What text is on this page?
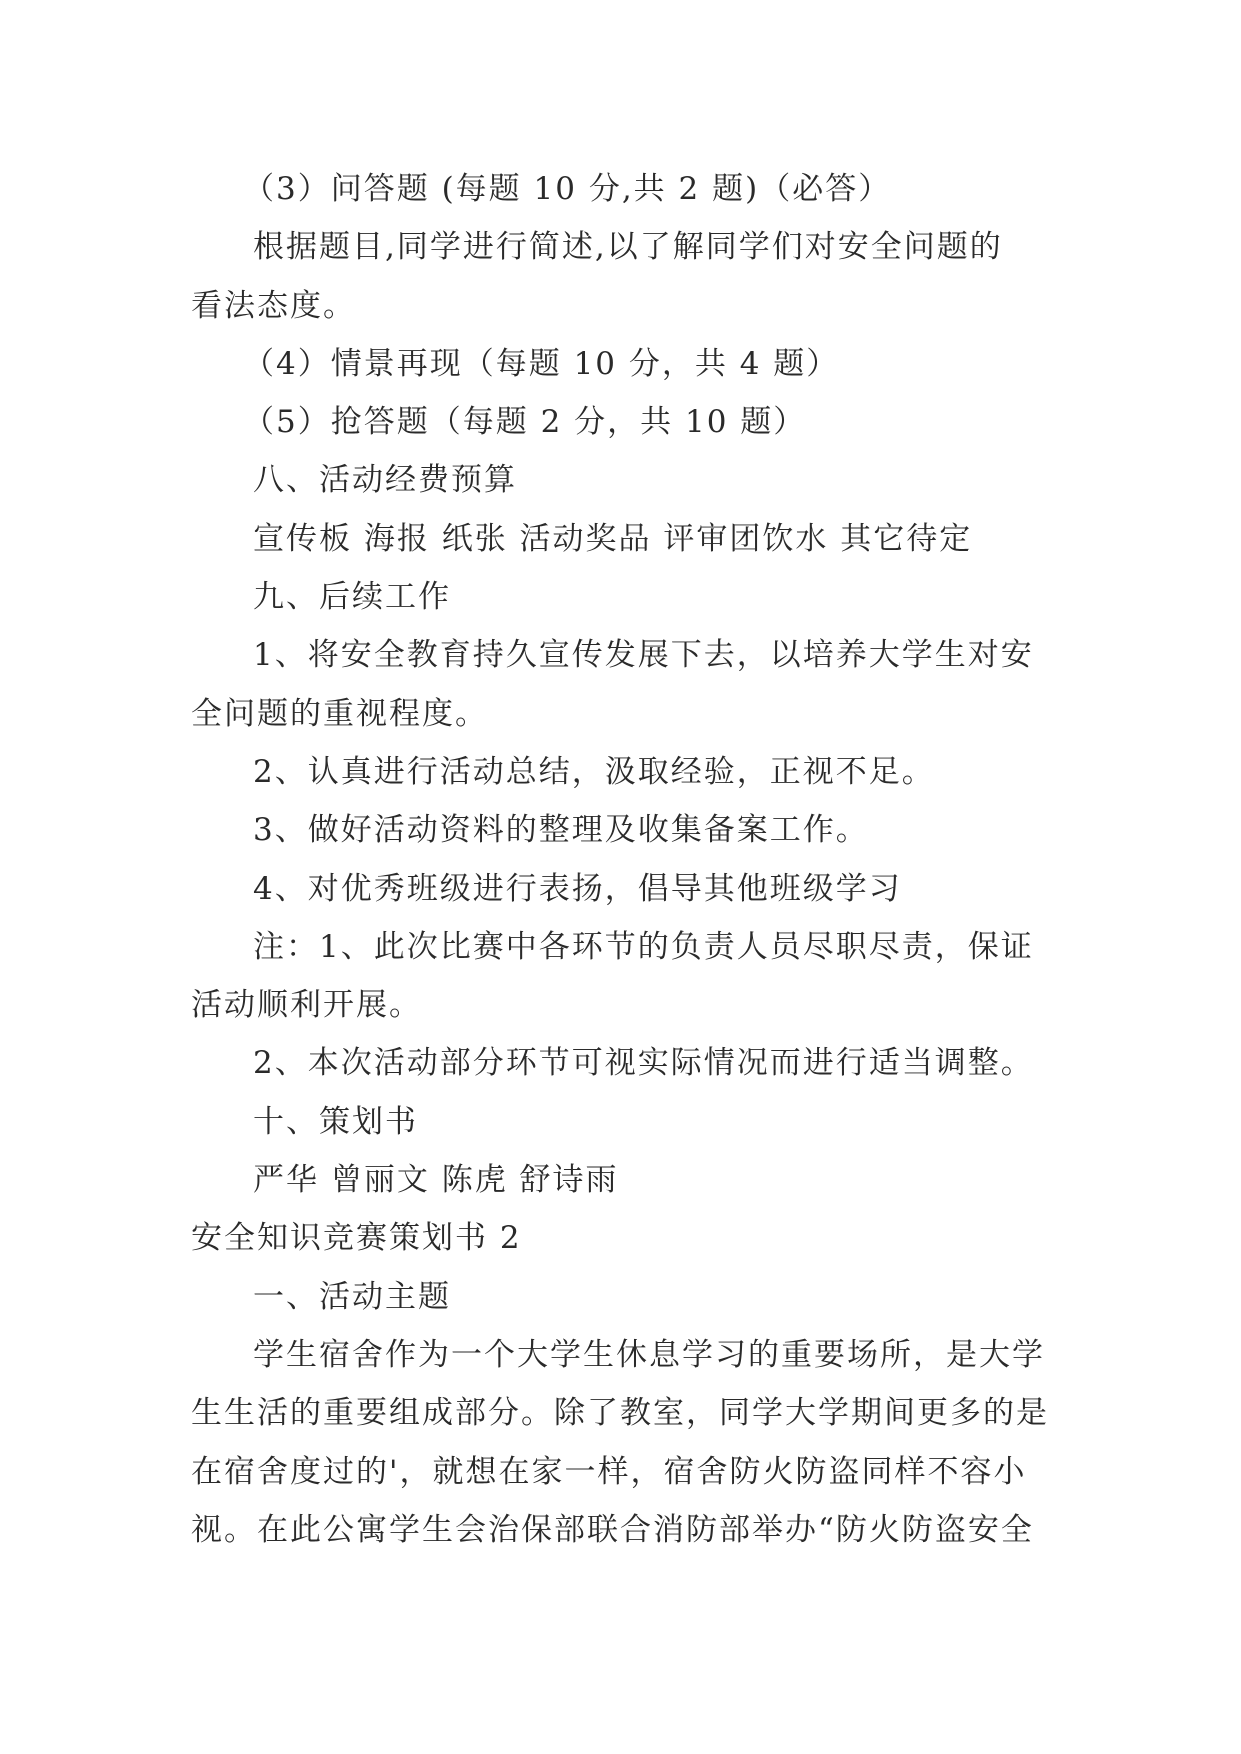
（3）问答题 (每题 10 分,共 2 题)（必答）
根据题目,同学进行简述,以了解同学们对安全问题的
看法态度。
（4）情景再现（每题 10 分，共 4 题）
（5）抢答题（每题 2 分，共 10 题）
八、活动经费预算
宣传板 海报 纸张 活动奖品 评审团饮水 其它待定
九、后续工作
1、将安全教育持久宣传发展下去，以培养大学生对安
全问题的重视程度。
2、认真进行活动总结，汲取经验，正视不足。
3、做好活动资料的整理及收集备案工作。
4、对优秀班级进行表扬，倡导其他班级学习
注：1、此次比赛中各环节的负责人员尽职尽责，保证
活动顺利开展。
2、本次活动部分环节可视实际情况而进行适当调整。
十、策划书
严华 曾丽文 陈虎 舒诗雨
安全知识竞赛策划书 2
一、活动主题
学生宿舍作为一个大学生休息学习的重要场所，是大学
生生活的重要组成部分。除了教室，同学大学期间更多的是
在宿舍度过的'，就想在家一样，宿舍防火防盗同样不容小
视。在此公寓学生会治保部联合消防部举办“防火防盗安全
